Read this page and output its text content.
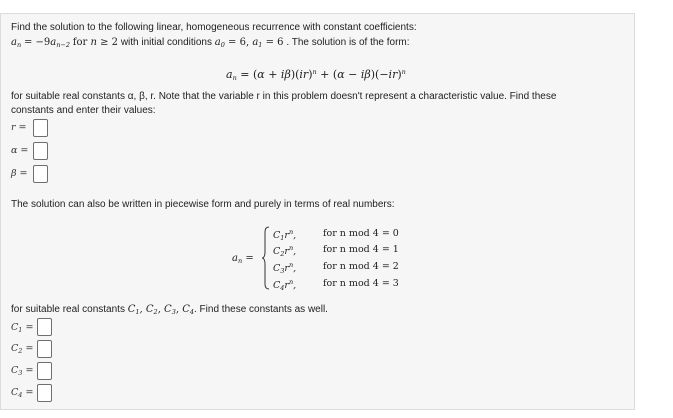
Find the solution to the following linear, homogeneous recurrence with constant coefficients:
$a_n = -9a_{n-2}$ for n ≥ 2 with initial conditions $a_0 = 6$, $a_1 = 6$ . The solution is of the form:
$a_n = (\alpha + i\beta)(ir)^n + (\alpha - i\beta)(-ir)^n$
for suitable real constants α, β, r. Note that the variable r in this problem doesn't represent a characteristic value. Find these
constants and enter their values:
r =
α =
β =
The solution can also be written in piecewise form and purely in terms of real numbers:
$a_n$ =
$C_1r^n$,	for n mod 4 = 0
$C_2r^n$,	for n mod 4 = 1
$C_3r^n$,	for n mod 4 = 2
$C_4r^n$,	for n mod 4 = 3
for suitable real constants $C_1$, $C_2$, $C_3$, $C_4$. Find these constants as well.
$C_1$ =
$C_2$ =
$C_3$ =
$C_4$ =
